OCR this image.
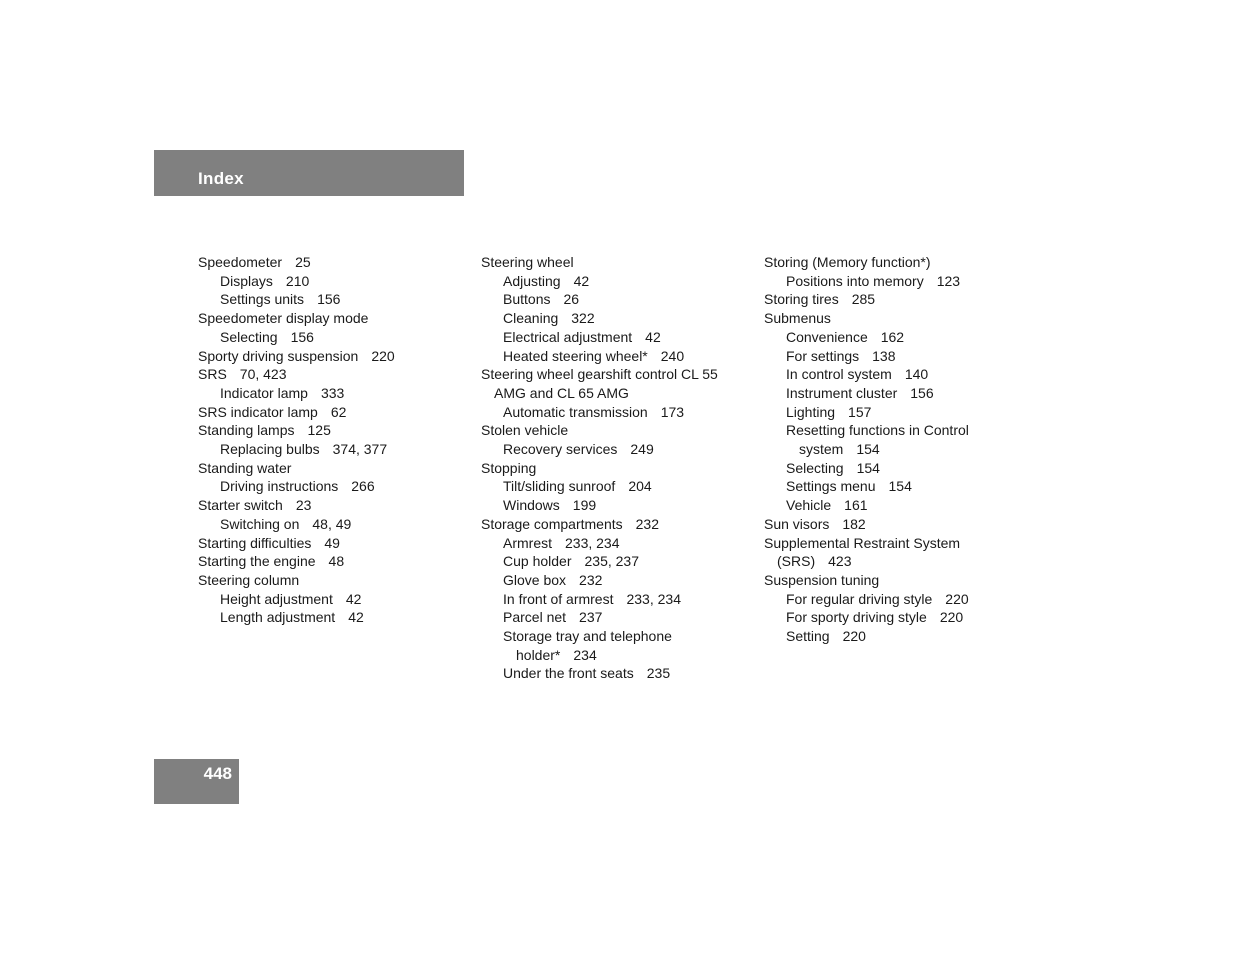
Index
Speedometer 25
Displays 210
Settings units 156
Speedometer display mode
Selecting 156
Sporty driving suspension 220
SRS 70, 423
Indicator lamp 333
SRS indicator lamp 62
Standing lamps 125
Replacing bulbs 374, 377
Standing water
Driving instructions 266
Starter switch 23
Switching on 48, 49
Starting difficulties 49
Starting the engine 48
Steering column
Height adjustment 42
Length adjustment 42
Steering wheel
Adjusting 42
Buttons 26
Cleaning 322
Electrical adjustment 42
Heated steering wheel* 240
Steering wheel gearshift control CL 55
AMG and CL 65 AMG
Automatic transmission 173
Stolen vehicle
Recovery services 249
Stopping
Tilt/sliding sunroof 204
Windows 199
Storage compartments 232
Armrest 233, 234
Cup holder 235, 237
Glove box 232
In front of armrest 233, 234
Parcel net 237
Storage tray and telephone
holder* 234
Under the front seats 235
Storing (Memory function*)
Positions into memory 123
Storing tires 285
Submenus
Convenience 162
For settings 138
In control system 140
Instrument cluster 156
Lighting 157
Resetting functions in Control
system 154
Selecting 154
Settings menu 154
Vehicle 161
Sun visors 182
Supplemental Restraint System
(SRS) 423
Suspension tuning
For regular driving style 220
For sporty driving style 220
Setting 220
448
